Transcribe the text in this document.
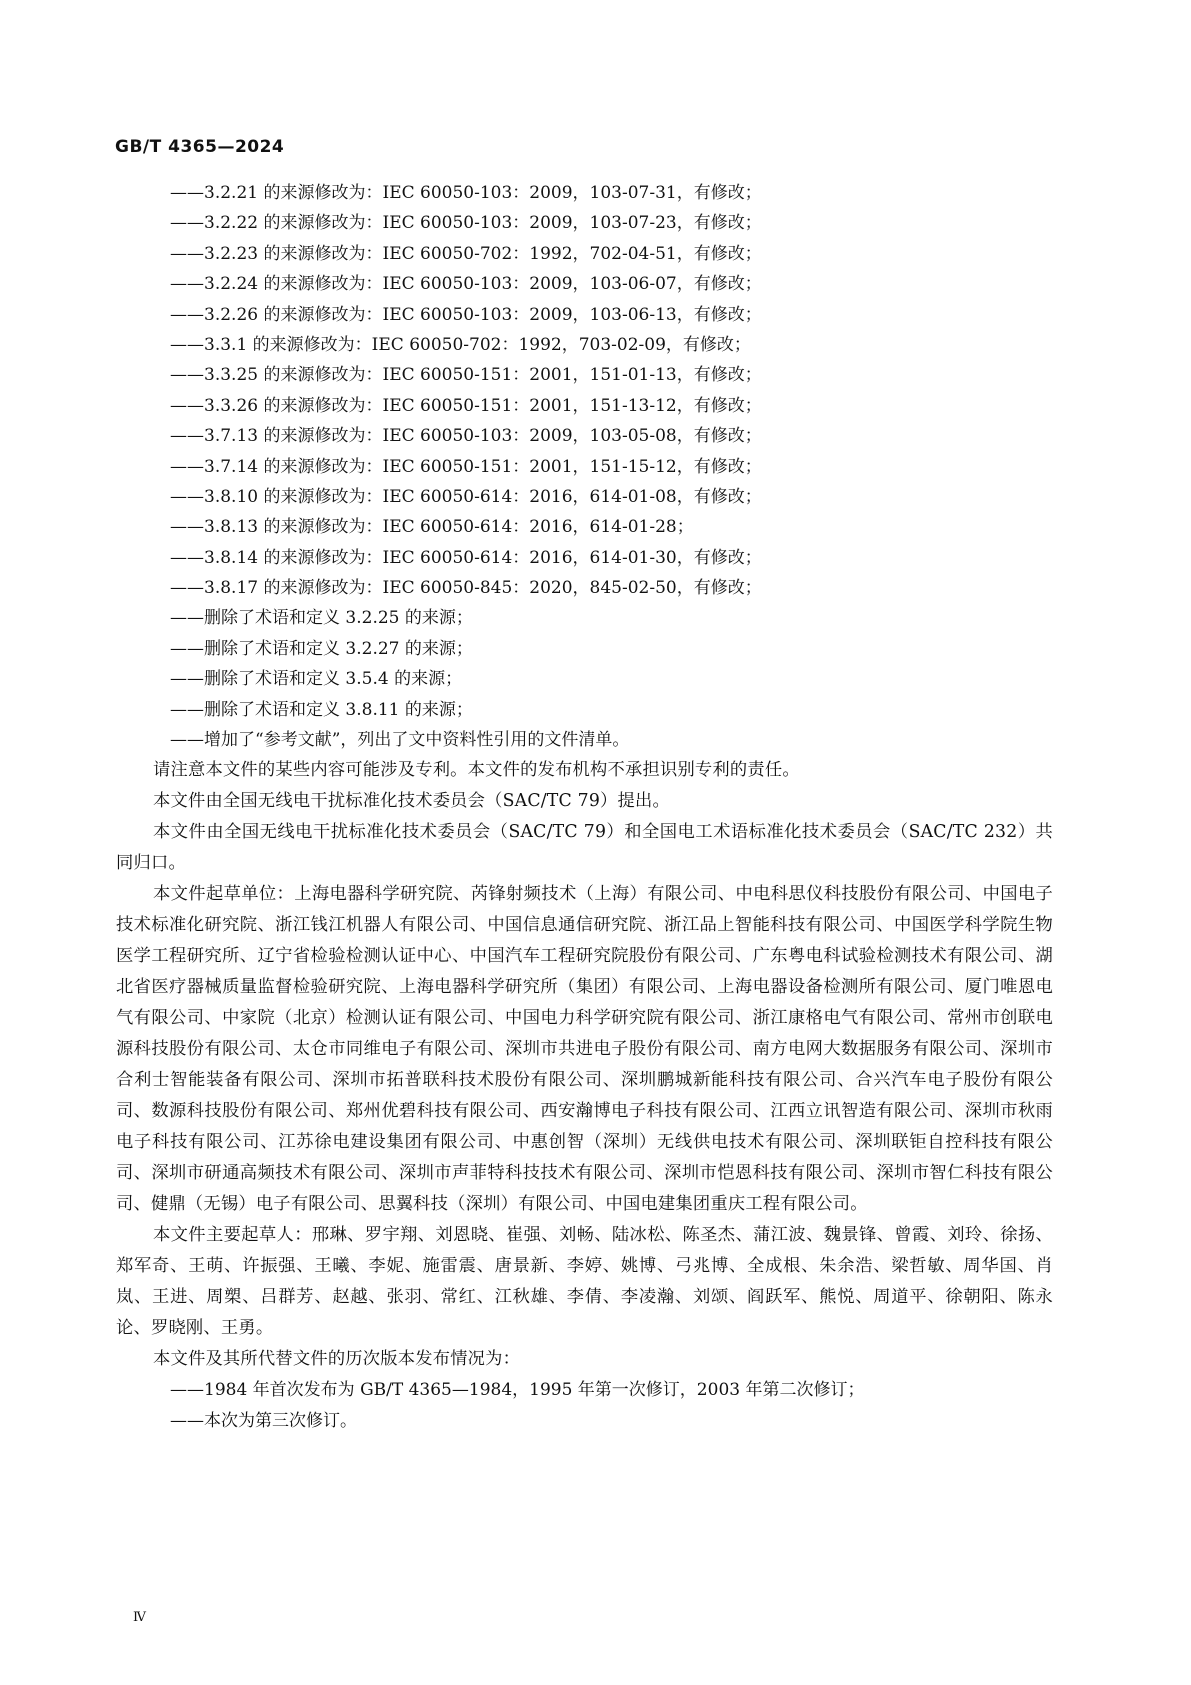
GB/T 4365—2024
——3.2.21 的来源修改为：IEC 60050-103：2009，103-07-31，有修改；
——3.2.22 的来源修改为：IEC 60050-103：2009，103-07-23，有修改；
——3.2.23 的来源修改为：IEC 60050-702：1992，702-04-51，有修改；
——3.2.24 的来源修改为：IEC 60050-103：2009，103-06-07，有修改；
——3.2.26 的来源修改为：IEC 60050-103：2009，103-06-13，有修改；
——3.3.1 的来源修改为：IEC 60050-702：1992，703-02-09，有修改；
——3.3.25 的来源修改为：IEC 60050-151：2001，151-01-13，有修改；
——3.3.26 的来源修改为：IEC 60050-151：2001，151-13-12，有修改；
——3.7.13 的来源修改为：IEC 60050-103：2009，103-05-08，有修改；
——3.7.14 的来源修改为：IEC 60050-151：2001，151-15-12，有修改；
——3.8.10 的来源修改为：IEC 60050-614：2016，614-01-08，有修改；
——3.8.13 的来源修改为：IEC 60050-614：2016，614-01-28；
——3.8.14 的来源修改为：IEC 60050-614：2016，614-01-30，有修改；
——3.8.17 的来源修改为：IEC 60050-845：2020，845-02-50，有修改；
——删除了术语和定义 3.2.25 的来源；
——删除了术语和定义 3.2.27 的来源；
——删除了术语和定义 3.5.4 的来源；
——删除了术语和定义 3.8.11 的来源；
——增加了“参考文献”，列出了文中资料性引用的文件清单。
请注意本文件的某些内容可能涉及专利。本文件的发布机构不承担识别专利的责任。
本文件由全国无线电干扰标准化技术委员会（SAC/TC 79）提出。
本文件由全国无线电干扰标准化技术委员会（SAC/TC 79）和全国电工术语标准化技术委员会（SAC/TC 232）共同归口。
本文件起草单位：上海电器科学研究院、芮锋射频技术（上海）有限公司、中电科思仪科技股份有限公司、中国电子技术标准化研究院、浙江钱江机器人有限公司、中国信息通信研究院、浙江品上智能科技有限公司、中国医学科学院生物医学工程研究所、辽宁省检验检测认证中心、中国汽车工程研究院股份有限公司、广东粤电科试验检测技术有限公司、湖北省医疗器械质量监督检验研究院、上海电器科学研究所（集团）有限公司、上海电器设备检测所有限公司、厦门唯恩电气有限公司、中家院（北京）检测认证有限公司、中国电力科学研究院有限公司、浙江康格电气有限公司、常州市创联电源科技股份有限公司、太仓市同维电子有限公司、深圳市共进电子股份有限公司、南方电网大数据服务有限公司、深圳市合利士智能装备有限公司、深圳市拓普联科技术股份有限公司、深圳鹏城新能科技有限公司、合兴汽车电子股份有限公司、数源科技股份有限公司、郑州优碧科技有限公司、西安瀚博电子科技有限公司、江西立讯智造有限公司、深圳市秋雨电子科技有限公司、江苏徐电建设集团有限公司、中惠创智（深圳）无线供电技术有限公司、深圳联钜自控科技有限公司、深圳市研通高频技术有限公司、深圳市声菲特科技技术有限公司、深圳市恺恩科技有限公司、深圳市智仁科技有限公司、健鼎（无锡）电子有限公司、思翼科技（深圳）有限公司、中国电建集团重庆工程有限公司。
本文件主要起草人：邢琳、罗宇翔、刘恩晓、崔强、刘畅、陆冰松、陈圣杰、蒲江波、魏景锋、曾霞、刘玲、徐扬、郑军奇、王萌、许振强、王曦、李妮、施雷震、唐景新、李婷、姚博、弓兆博、全成根、朱余浩、梁哲敏、周华国、肖岚、王进、周槊、吕群芳、赵越、张羽、常红、江秋雄、李倩、李凌瀚、刘颂、阎跃军、熊悦、周道平、徐朝阳、陈永论、罗晓刚、王勇。
本文件及其所代替文件的历次版本发布情况为：
——1984 年首次发布为 GB/T 4365—1984，1995 年第一次修订，2003 年第二次修订；
——本次为第三次修订。
Ⅳ
